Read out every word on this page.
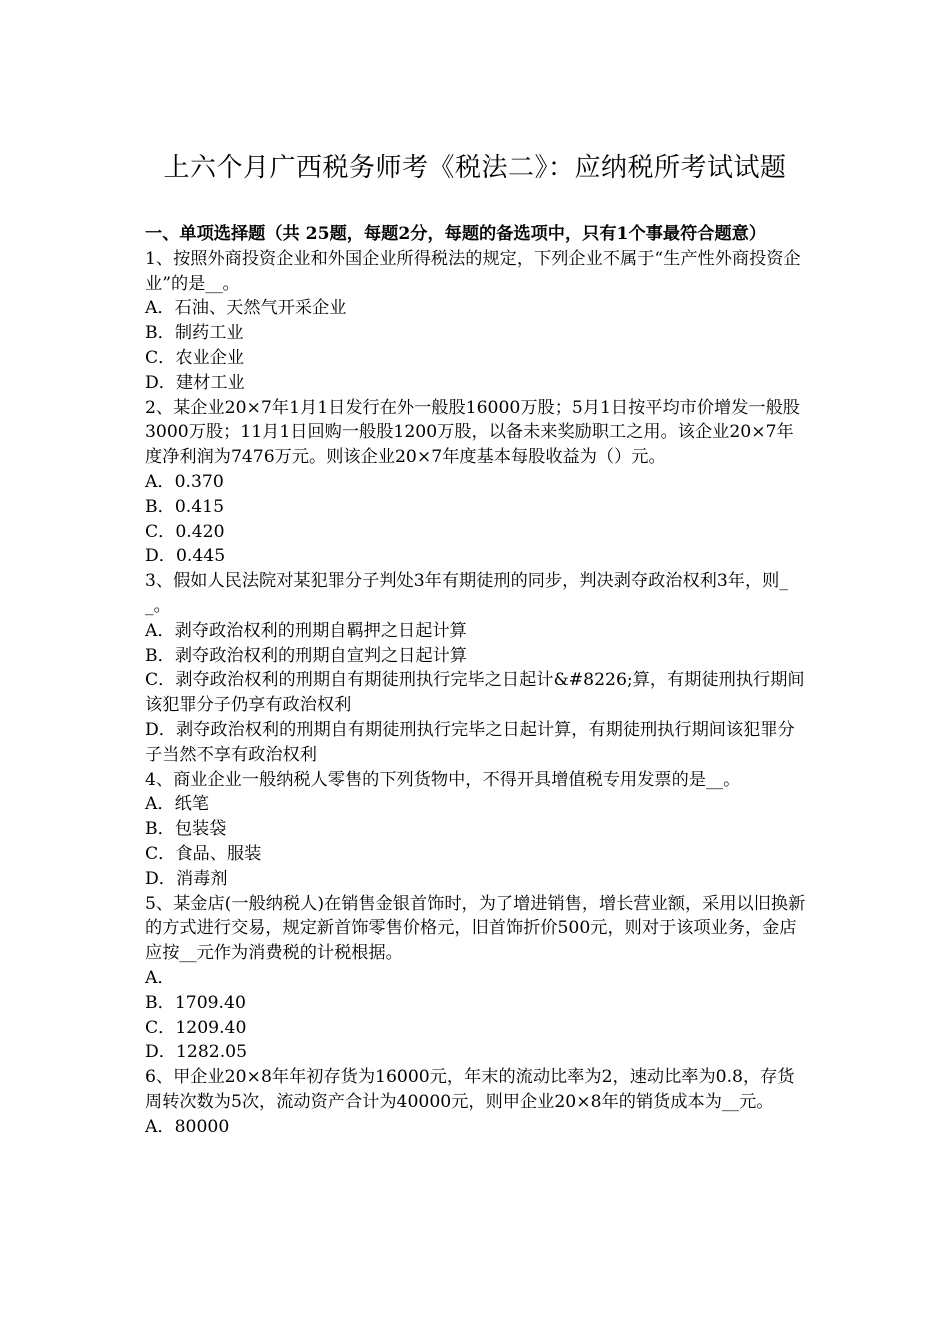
上六个月广西税务师考《税法二》：应纳税所考试试题

一、单项选择题（共 25题，每题2分，每题的备选项中，只有1个事最符合题意）

1、按照外商投资企业和外国企业所得税法的规定，下列企业不属于“生产性外商投资企业”的是__。

A．石油、天然气开采企业

B．制药工业

C．农业企业

D．建材工业

2、某企业20×7年1月1日发行在外一般股16000万股；5月1日按平均市价增发一般股3000万股；11月1日回购一般股1200万股，以备未来奖励职工之用。该企业20×7年度净利润为7476万元。则该企业20×7年度基本每股收益为（）元。

A．0.370

B．0.415

C．0.420

D．0.445

3、假如人民法院对某犯罪分子判处3年有期徒刑的同步，判决剥夺政治权利3年，则__。

A．剥夺政治权利的刑期自羁押之日起计算

B．剥夺政治权利的刑期自宣判之日起计算

C．剥夺政治权利的刑期自有期徒刑执行完毕之日起计&#8226;算，有期徒刑执行期间该犯罪分子仍享有政治权利

D．剥夺政治权利的刑期自有期徒刑执行完毕之日起计算，有期徒刑执行期间该犯罪分子当然不享有政治权利

4、商业企业一般纳税人零售的下列货物中，不得开具增值税专用发票的是__。

A．纸笔

B．包装袋

C．食品、服装

D．消毒剂

5、某金店(一般纳税人)在销售金银首饰时，为了增进销售，增长营业额，采用以旧换新的方式进行交易，规定新首饰零售价格元，旧首饰折价500元，则对于该项业务，金店应按__元作为消费税的计税根据。

A．

B．1709.40

C．1209.40

D．1282.05

6、甲企业20×8年年初存货为16000元，年末的流动比率为2，速动比率为0.8，存货周转次数为5次，流动资产合计为40000元，则甲企业20×8年的销货成本为__元。

A．80000
